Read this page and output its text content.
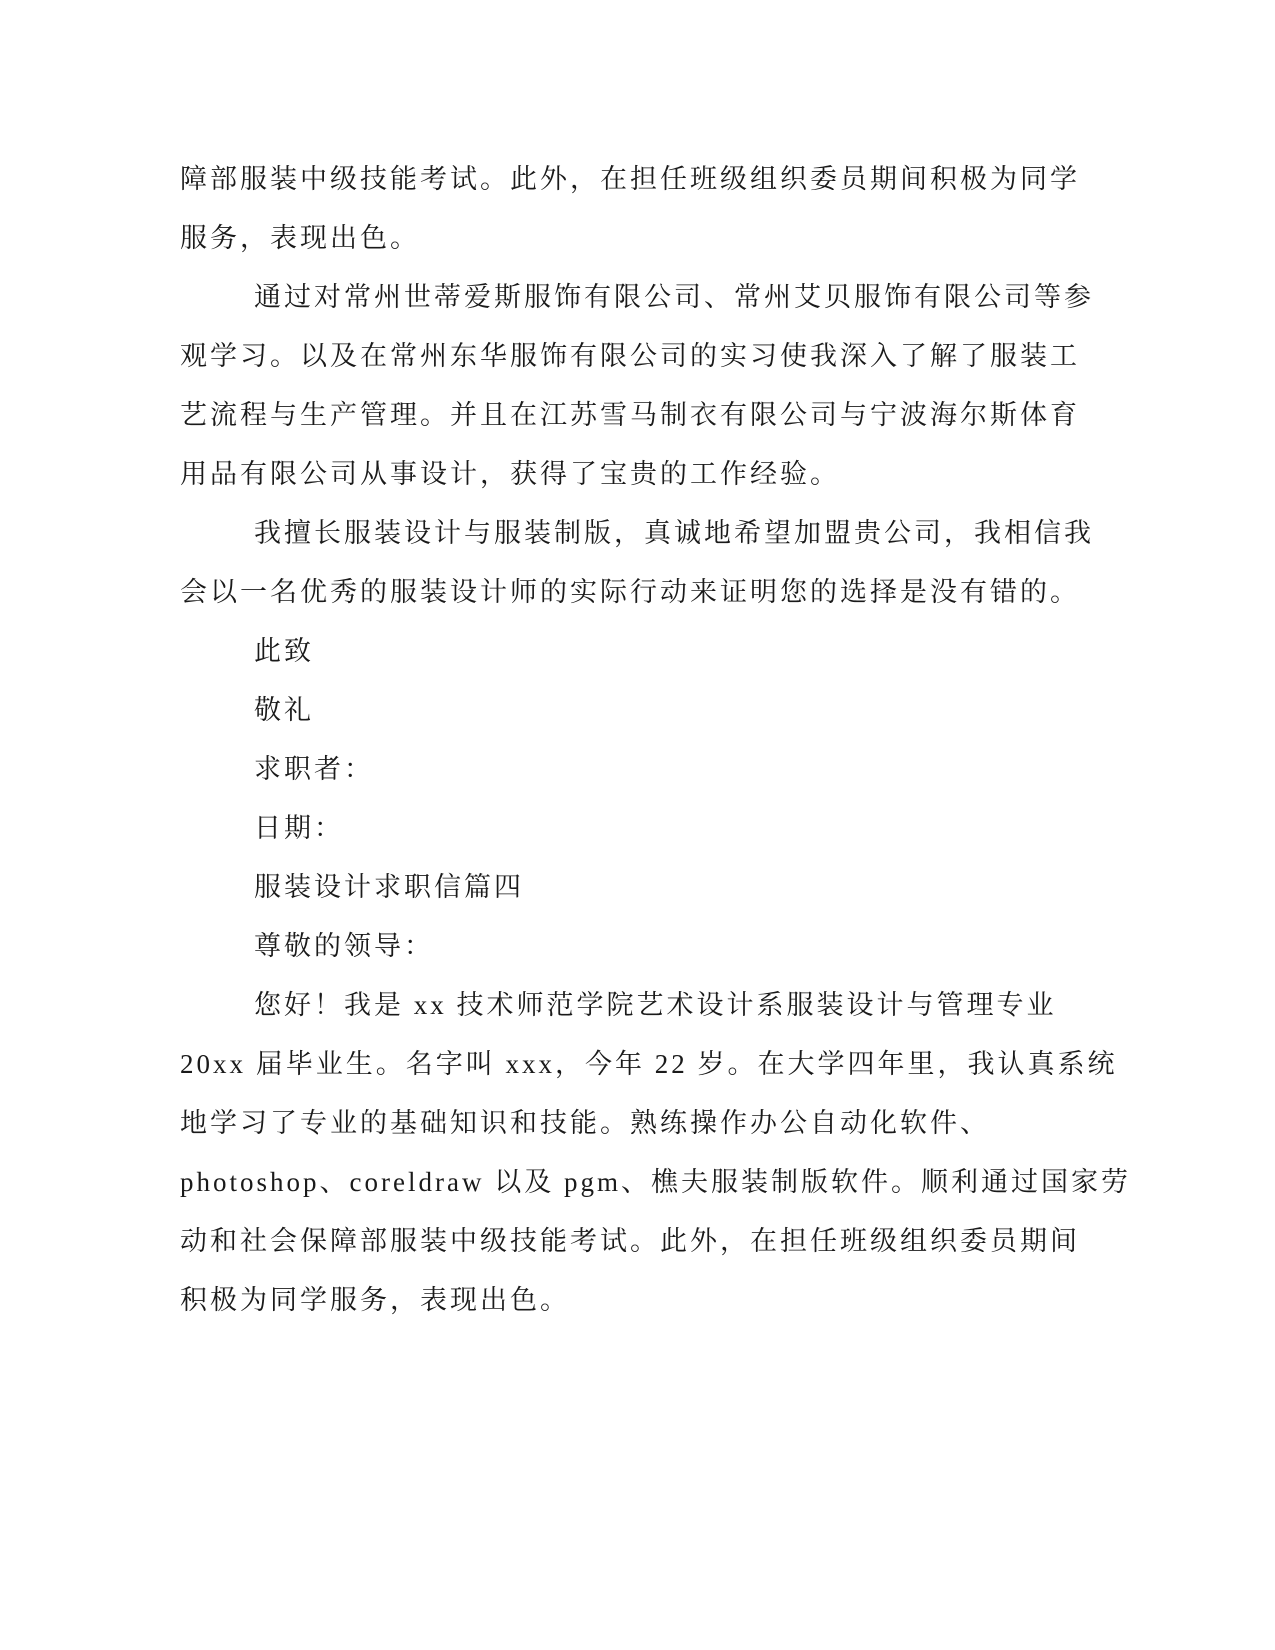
障部服装中级技能考试。此外，在担任班级组织委员期间积极为同学
服务，表现出色。
通过对常州世蒂爱斯服饰有限公司、常州艾贝服饰有限公司等参
观学习。以及在常州东华服饰有限公司的实习使我深入了解了服装工
艺流程与生产管理。并且在江苏雪马制衣有限公司与宁波海尔斯体育
用品有限公司从事设计，获得了宝贵的工作经验。
我擅长服装设计与服装制版，真诚地希望加盟贵公司，我相信我
会以一名优秀的服装设计师的实际行动来证明您的选择是没有错的。
此致
敬礼
求职者：
日期：
服装设计求职信篇四
尊敬的领导：
您好！我是 xx 技术师范学院艺术设计系服装设计与管理专业
20xx 届毕业生。名字叫 xxx，今年 22 岁。在大学四年里，我认真系统
地学习了专业的基础知识和技能。熟练操作办公自动化软件、
photoshop、coreldraw 以及 pgm、樵夫服装制版软件。顺利通过国家劳
动和社会保障部服装中级技能考试。此外，在担任班级组织委员期间
积极为同学服务，表现出色。
